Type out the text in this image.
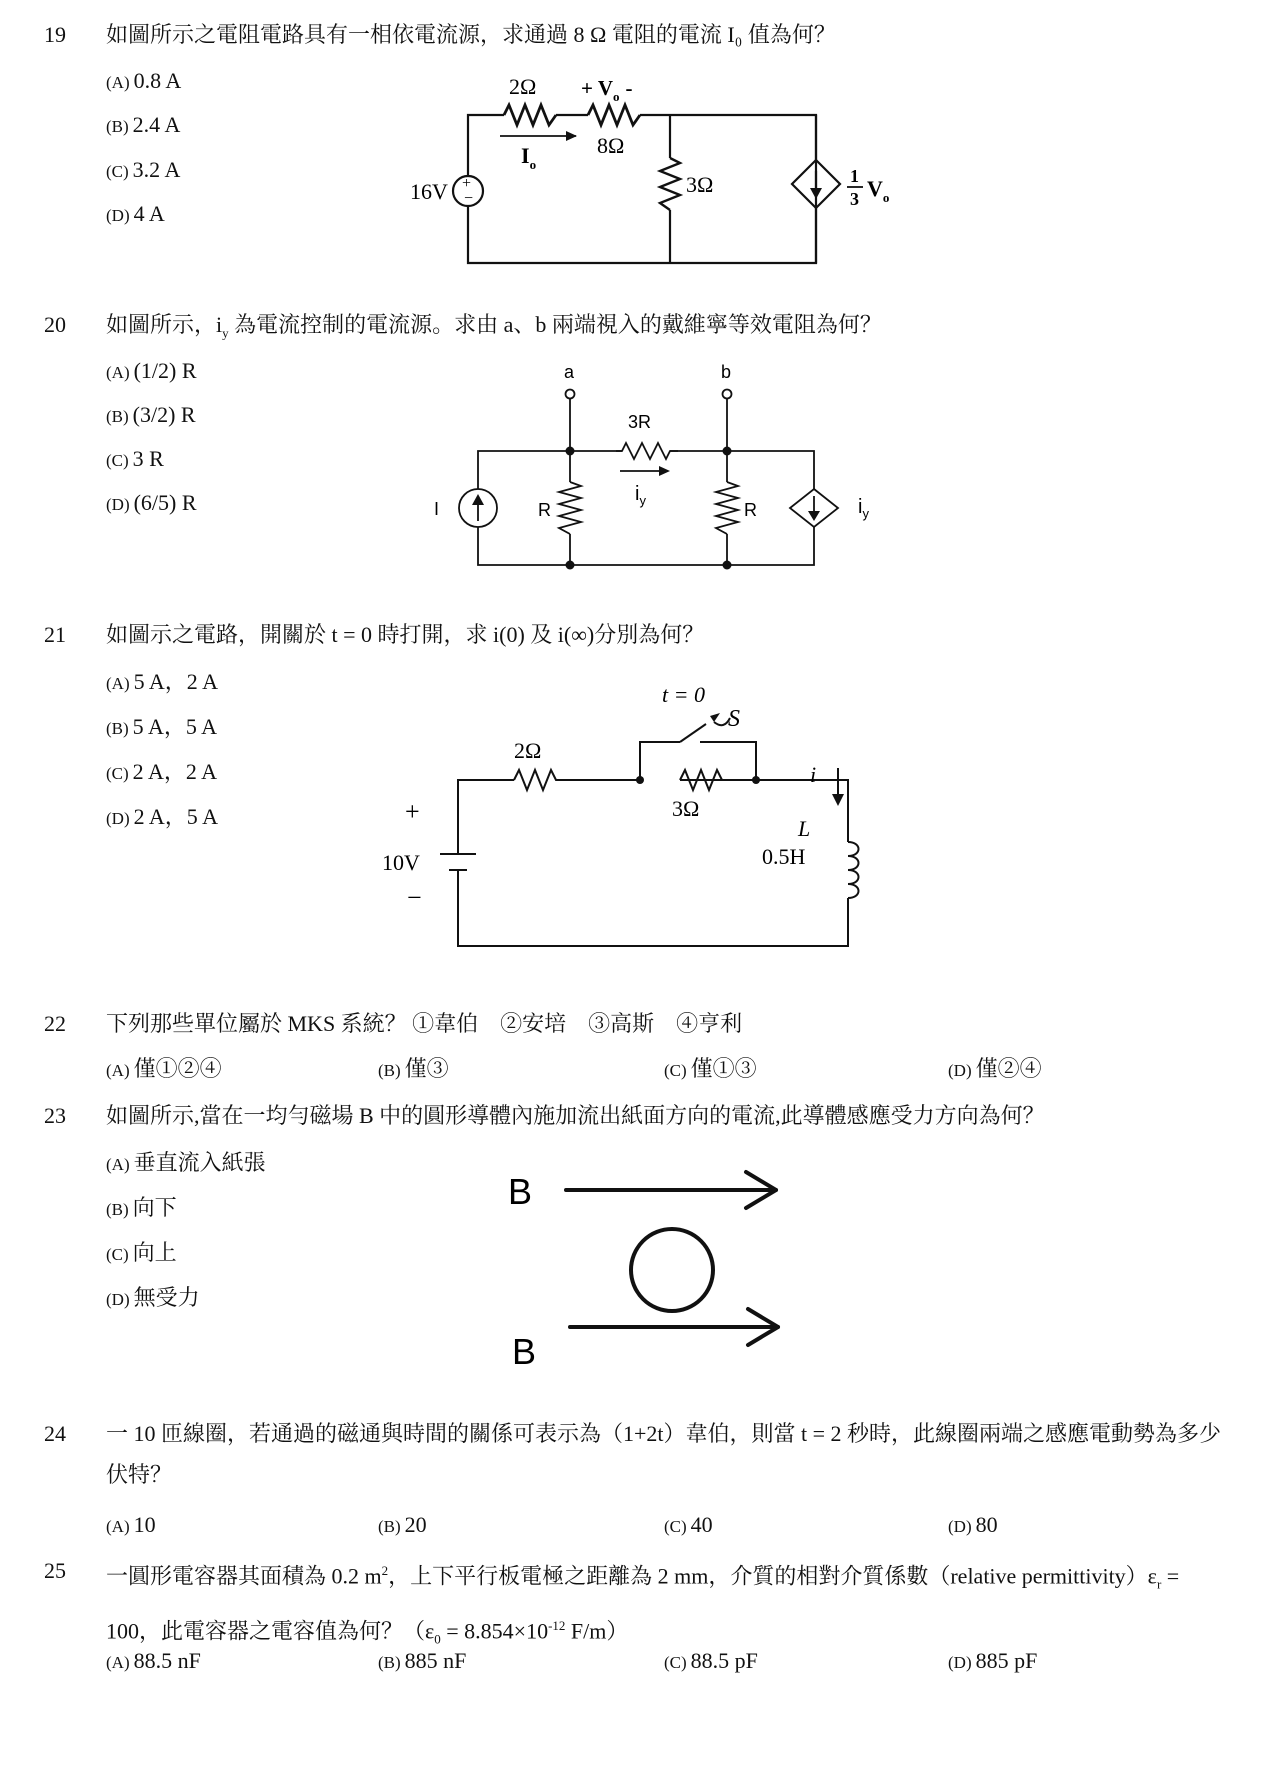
19 如圖所示之電阻電路具有一相依電流源，求通過 8 Ω 電阻的電流 I₀ 值為何？
(A) 0.8 A
(B) 2.4 A
(C) 3.2 A
(D) 4 A
+
−
$2\Omega + V_o$ -
8Ω
$I_o$
16V	3Ω	1
3 $V_o$
20 如圖所示，$i_y$ 為電流控制的電流源。求由 a、b 兩端視入的戴維寧等效電阻為何？
(A) (1/2) R
(B) (3/2) R
(C) 3 R
(D) (6/5) R
a	b
3R
$i_y$
I	R	R	$i_y$
21 如圖示之電路，開關於 t = 0 時打開，求 i(0) 及 i(∞)分別為何？
(A) 5 A，2 A
(B) 5 A，5 A
(C) 2 A，2 A
(D) 2 A，5 A
t = 0
S
2Ω
3Ω
i
L
0.5H
+
10V
−
22 下列那些單位屬於 MKS 系統？ ①韋伯　②安培　③高斯　④亨利
(A) 僅①②④	(B) 僅③	(C) 僅①③	(D) 僅②④
23 如圖所示,當在一均勻磁場 B 中的圓形導體內施加流出紙面方向的電流,此導體感應受力方向為何？
(A) 垂直流入紙張
(B) 向下
(C) 向上
(D) 無受力
B
B
24 一 10 匝線圈，若通過的磁通與時間的關係可表示為（1+2t）韋伯，則當 t = 2 秒時，此線圈兩端之感應電動勢為多少伏特？
(A) 10	(B) 20	(C) 40	(D) 80
25 一圓形電容器其面積為 0.2 $m^2$，上下平行板電極之距離為 2 mm，介質的相對介質係數（relative $permittivity)\varepsilon_r = 100$，此電容器之電容值為何？（$\varepsilon_0 = 8.854\times 10^{-12}$ F/m）
(A) 88.5 nF	(B) 885 nF	(C) 88.5 pF	(D) 885 pF
